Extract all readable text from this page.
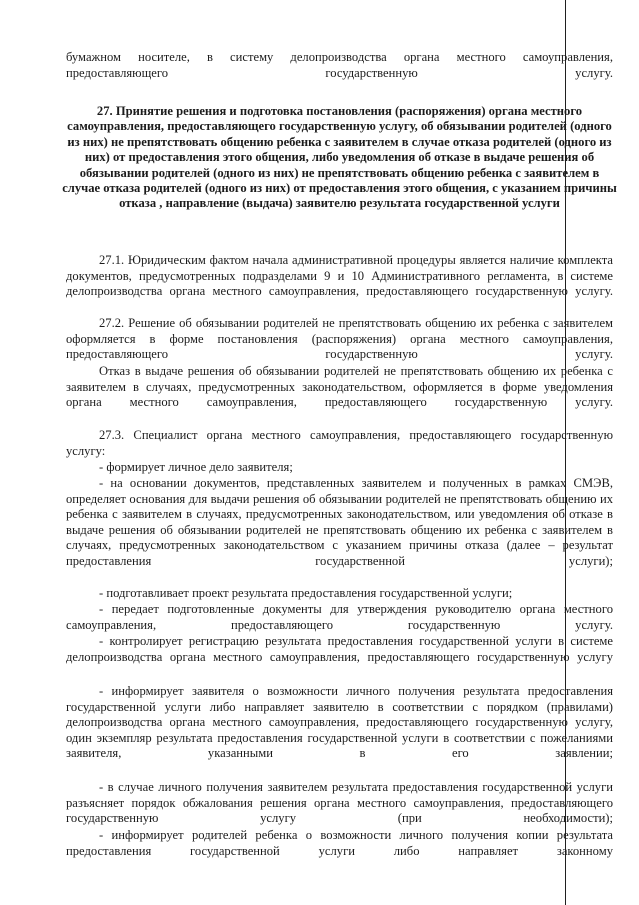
бумажном носителе, в систему делопроизводства органа местного самоуправления, предоставляющего государственную услугу.
27. Принятие решения и подготовка постановления (распоряжения) органа местного самоуправления, предоставляющего государственную услугу, об обязывании родителей (одного из них) не препятствовать общению ребенка с заявителем в случае отказа родителей (одного из них) от предоставления этого общения, либо уведомления об отказе в выдаче решения об обязывании родителей (одного из них) не препятствовать общению ребенка с заявителем в случае отказа родителей (одного из них) от предоставления этого общения, с указанием причины отказа , направление (выдача) заявителю результата государственной услуги
27.1. Юридическим фактом начала административной процедуры является наличие комплекта документов, предусмотренных подразделами 9 и 10 Административного регламента, в системе делопроизводства органа местного самоуправления, предоставляющего государственную услугу.
27.2. Решение об обязывании родителей не препятствовать общению их ребенка с заявителем оформляется в форме постановления (распоряжения) органа местного самоуправления, предоставляющего государственную услугу.
Отказ в выдаче решения об обязывании родителей не препятствовать общению их ребенка с заявителем в случаях, предусмотренных законодательством, оформляется в форме уведомления органа местного самоуправления, предоставляющего государственную услугу.
27.3. Специалист органа местного самоуправления, предоставляющего государственную услугу:
- формирует личное дело заявителя;
- на основании документов, представленных заявителем и полученных в рамках СМЭВ, определяет основания для выдачи решения об обязывании родителей не препятствовать общению их ребенка с заявителем в случаях, предусмотренных законодательством, или уведомления об отказе в выдаче решения об обязывании родителей не препятствовать общению их ребенка с заявителем в случаях, предусмотренных законодательством с указанием причины отказа (далее – результат предоставления государственной услуги);
- подготавливает проект результата предоставления государственной услуги;
- передает подготовленные документы для утверждения руководителю органа местного самоуправления, предоставляющего государственную услугу.
- контролирует регистрацию результата предоставления государственной услуги в системе делопроизводства органа местного самоуправления, предоставляющего государственную услугу
- информирует заявителя о возможности личного получения результата предоставления государственной услуги либо направляет заявителю в соответствии с порядком (правилами) делопроизводства органа местного самоуправления, предоставляющего государственную услугу, один экземпляр результата предоставления государственной услуги в соответствии с пожеланиями заявителя, указанными в его заявлении;
- в случае личного получения заявителем результата предоставления государственной услуги разъясняет порядок обжалования решения органа местного самоуправления, предоставляющего государственную услугу (при необходимости);
- информирует родителей ребенка о возможности личного получения копии результата предоставления государственной услуги либо направляет законному
